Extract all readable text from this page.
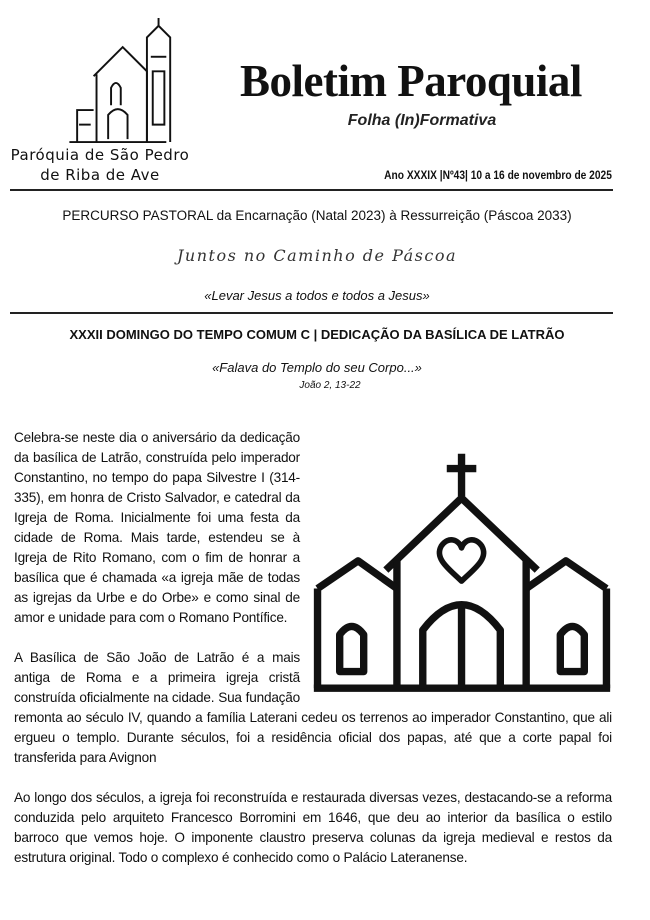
Paróquia de São Pedro
de Riba de Ave
Boletim Paroquial
Folha (In)Formativa
Ano XXXIX |Nº43| 10 a 16 de novembro de 2025
PERCURSO PASTORAL da Encarnação (Natal 2023) à Ressurreição (Páscoa 2033)
Juntos no Caminho de Páscoa
«Levar Jesus a todos e todos a Jesus»
XXXII DOMINGO DO TEMPO COMUM C | DEDICAÇÃO DA BASÍLICA DE LATRÃO
«Falava do Templo do seu Corpo...»
João 2, 13-22

Celebra-se neste dia o aniversário da dedicação da basílica de Latrão, construída pelo imperador Constantino, no tempo do papa Silvestre I (314-335), em honra de Cristo Salvador, e catedral da Igreja de Roma. Inicialmente foi uma festa da cidade de Roma. Mais tarde, estendeu se à Igreja de Rito Romano, com o fim de honrar a basílica que é chamada «a igreja mãe de todas as igrejas da Urbe e do Orbe» e como sinal de amor e unidade para com o Romano Pontífice.

A Basílica de São João de Latrão é a mais antiga de Roma e a primeira igreja cristã construída oficialmente na cidade. Sua fundação remonta ao século IV, quando a família Laterani cedeu os terrenos ao imperador Constantino, que ali ergueu o templo. Durante séculos, foi a residência oficial dos papas, até que a corte papal foi transferida para Avignon

Ao longo dos séculos, a igreja foi reconstruída e restaurada diversas vezes, destacando-se a reforma conduzida pelo arquiteto Francesco Borromini em 1646, que deu ao interior da basílica o estilo barroco que vemos hoje. O imponente claustro preserva colunas da igreja medieval e restos da estrutura original. Todo o complexo é conhecido como o Palácio Lateranense.
